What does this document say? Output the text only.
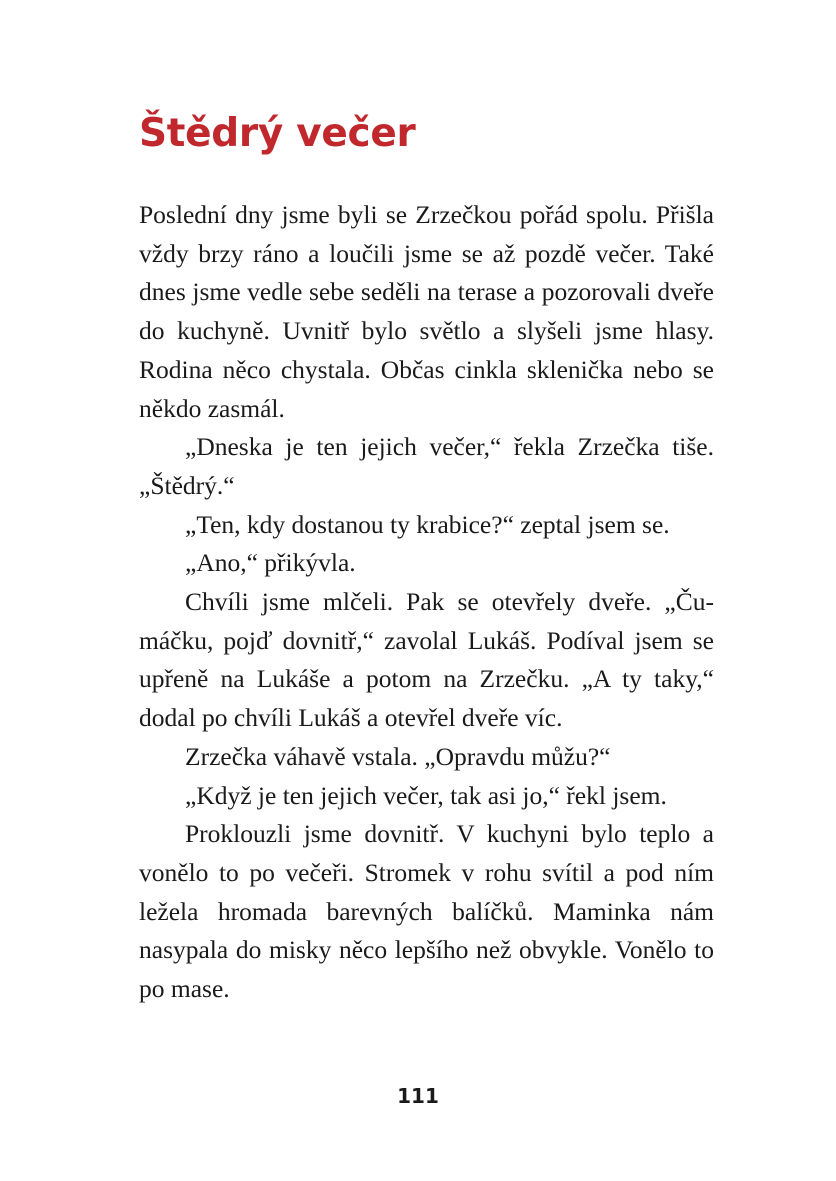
Štědrý večer

Poslední dny jsme byli se Zrzečkou pořád spolu. Přišla vždy brzy ráno a loučili jsme se až pozdě večer. Také dnes jsme vedle sebe seděli na terase a pozorovali dveře do kuchyně. Uvnitř bylo světlo a slyšeli jsme hlasy. Rodina něco chystala. Občas cinkla sklenička nebo se někdo zasmál.

„Dneska je ten jejich večer,“ řekla Zrzečka tiše. „Štědrý.“

„Ten, kdy dostanou ty krabice?“ zeptal jsem se.

„Ano,“ přikývla.

Chvíli jsme mlčeli. Pak se otevřely dveře. „Čumáčku, pojď dovnitř,“ zavolal Lukáš. Podíval jsem se upřeně na Lukáše a potom na Zrzečku. „A ty taky,“ dodal po chvíli Lukáš a otevřel dveře víc.

Zrzečka váhavě vstala. „Opravdu můžu?“

„Když je ten jejich večer, tak asi jo,“ řekl jsem.

Proklouzli jsme dovnitř. V kuchyni bylo teplo a vonělo to po večeři. Stromek v rohu svítil a pod ním ležela hromada barevných balíčků. Maminka nám nasypala do misky něco lepšího než obvykle. Vonělo to po mase.

111
